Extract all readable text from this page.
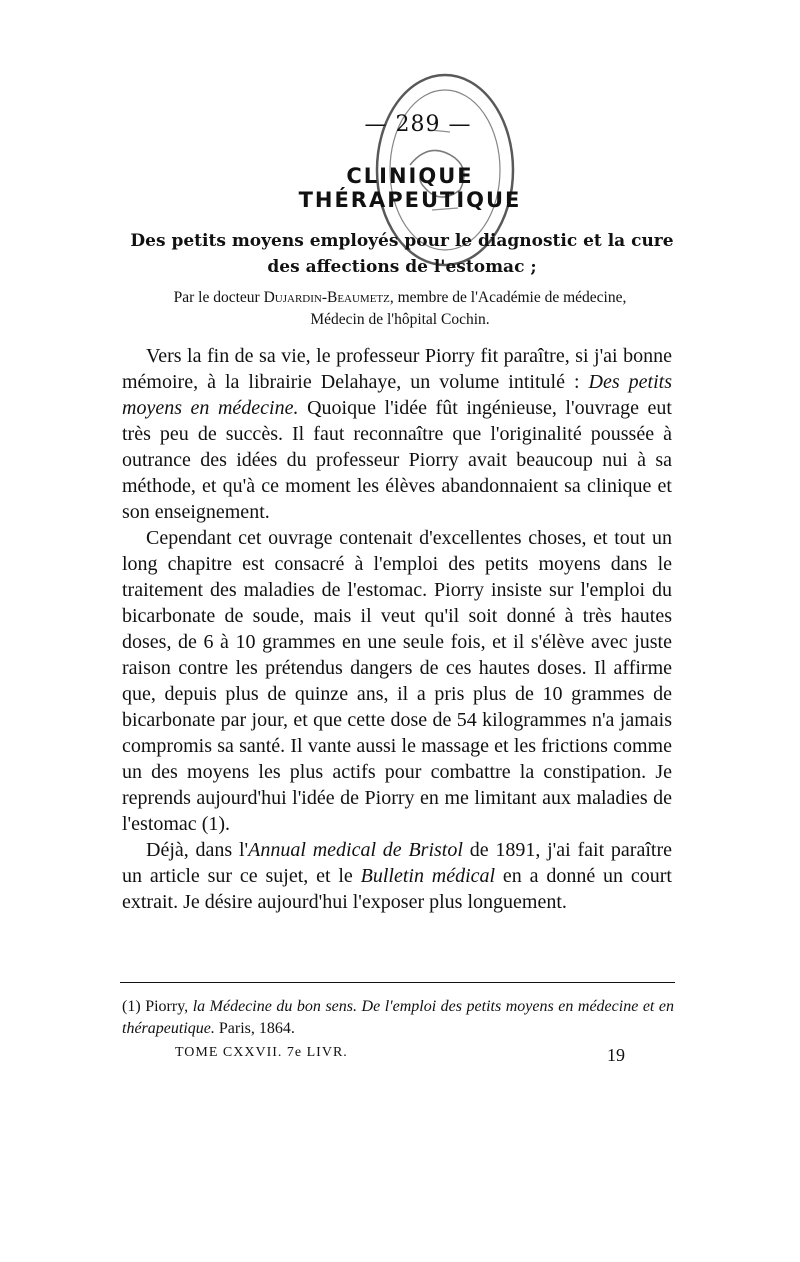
— 289 —
CLINIQUE THÉRAPEUTIQUE
Des petits moyens employés pour le diagnostic et la cure
des affections de l'estomac ;
Par le docteur Dujardin-Beaumetz, membre de l'Académie de médecine,
Médecin de l'hôpital Cochin.

Vers la fin de sa vie, le professeur Piorry fit paraître, si j'ai bonne mémoire, à la librairie Delahaye, un volume intitulé : Des petits moyens en médecine. Quoique l'idée fût ingénieuse, l'ouvrage eut très peu de succès. Il faut reconnaître que l'originalité poussée à outrance des idées du professeur Piorry avait beaucoup nui à sa méthode, et qu'à ce moment les élèves abandonnaient sa clinique et son enseignement.

Cependant cet ouvrage contenait d'excellentes choses, et tout un long chapitre est consacré à l'emploi des petits moyens dans le traitement des maladies de l'estomac. Piorry insiste sur l'emploi du bicarbonate de soude, mais il veut qu'il soit donné à très hautes doses, de 6 à 10 grammes en une seule fois, et il s'élève avec juste raison contre les prétendus dangers de ces hautes doses. Il affirme que, depuis plus de quinze ans, il a pris plus de 10 grammes de bicarbonate par jour, et que cette dose de 54 kilogrammes n'a jamais compromis sa santé. Il vante aussi le massage et les frictions comme un des moyens les plus actifs pour combattre la constipation. Je reprends aujourd'hui l'idée de Piorry en me limitant aux maladies de l'estomac (1).

Déjà, dans l'Annual medical de Bristol de 1891, j'ai fait paraître un article sur ce sujet, et le Bulletin médical en a donné un court extrait. Je désire aujourd'hui l'exposer plus longuement.

(1) Piorry, la Médecine du bon sens. De l'emploi des petits moyens en médecine et en thérapeutique. Paris, 1864.
TOME CXXVII. 7e LIVR.	19
